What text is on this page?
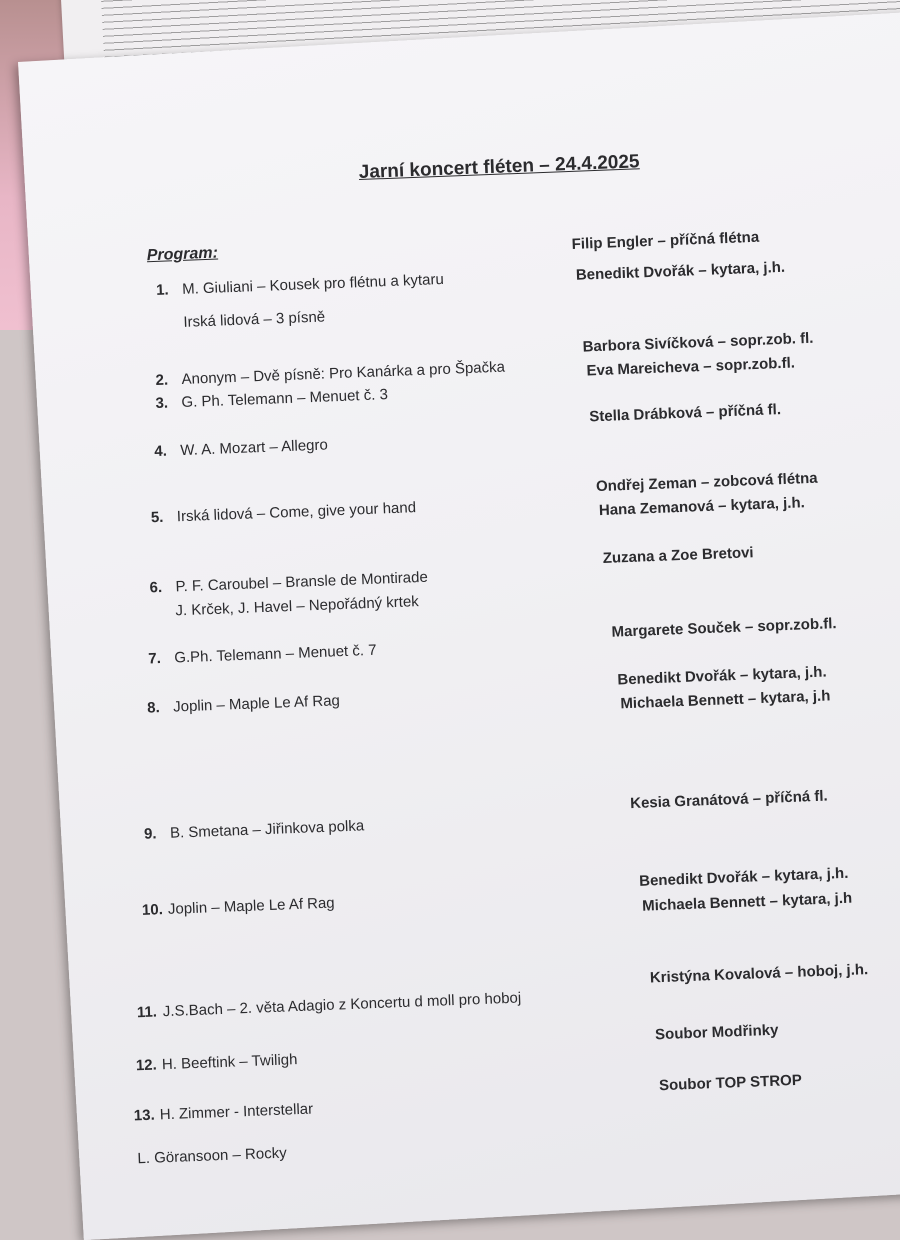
Jarní koncert fléten – 24.4.2025
Program:
1. M. Giuliani – Kousek pro flétnu a kytaru
Irská lidová – 3 písně
2. Anonym – Dvě písně: Pro Kanárka a pro Špačka
3. G. Ph. Telemann – Menuet č. 3
4. W. A. Mozart – Allegro
5. Irská lidová – Come, give your hand
6. P. F. Caroubel – Bransle de Montirade
J. Krček, J. Havel – Nepořádný krtek
7. G.Ph. Telemann – Menuet č. 7
8. Joplin – Maple Le Af Rag
9. B. Smetana – Jiřinkova polka
10. Joplin – Maple Le Af Rag
11. J.S.Bach – 2. věta Adagio z Koncertu d moll pro hoboj
12. H. Beeftink – Twiligh
13. H. Zimmer - Interstellar
L. Göransoon – Rocky
Filip Engler – příčná flétna
Benedikt Dvořák – kytara, j.h.
Barbora Sivíčková – sopr.zob. fl.
Eva Mareicheva – sopr.zob.fl.
Stella Drábková – příčná fl.
Ondřej Zeman – zobcová flétna
Hana Zemanová – kytara, j.h.
Zuzana a Zoe Bretovi
Margarete Souček – sopr.zob.fl.
Benedikt Dvořák – kytara, j.h.
Michaela Bennett – kytara, j.h
Kesia Granátová – příčná fl.
Benedikt Dvořák – kytara, j.h.
Michaela Bennett – kytara, j.h
Kristýna Kovalová – hoboj, j.h.
Soubor Modřinky
Soubor TOP STROP
